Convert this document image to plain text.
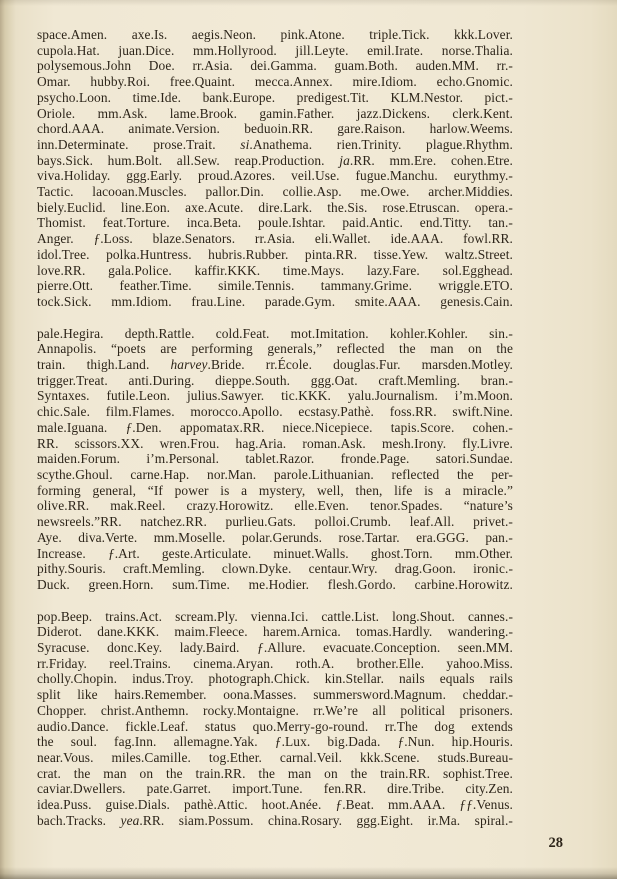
space.Amen. axe.Is. aegis.Neon. pink.Atone. triple.Tick. kkk.Lover.
cupola.Hat. juan.Dice. mm.Hollyrood. jill.Leyte. emil.Irate. norse.Thalia.
polysemous.John Doe. rr.Asia. dei.Gamma. guam.Both. auden.MM. rr.-
Omar. hubby.Roi. free.Quaint. mecca.Annex. mire.Idiom. echo.Gnomic.
psycho.Loon. time.Ide. bank.Europe. predigest.Tit. KLM.Nestor. pict.-
Oriole. mm.Ask. lame.Brook. gamin.Father. jazz.Dickens. clerk.Kent.
chord.AAA. animate.Version. beduoin.RR. gare.Raison. harlow.Weems.
inn.Determinate. prose.Trait. si.Anathema. rien.Trinity. plague.Rhythm.
bays.Sick. hum.Bolt. all.Sew. reap.Production. ja.RR. mm.Ere. cohen.Etre.
viva.Holiday. ggg.Early. proud.Azores. veil.Use. fugue.Manchu. eurythmy.-
Tactic. lacooan.Muscles. pallor.Din. collie.Asp. me.Owe. archer.Middies.
biely.Euclid. line.Eon. axe.Acute. dire.Lark. the.Sis. rose.Etruscan. opera.-
Thomist. feat.Torture. inca.Beta. poule.Ishtar. paid.Antic. end.Titty. tan.-
Anger. ƒ.Loss. blaze.Senators. rr.Asia. eli.Wallet. ide.AAA. fowl.RR.
idol.Tree. polka.Huntress. hubris.Rubber. pinta.RR. tisse.Yew. waltz.Street.
love.RR. gala.Police. kaffir.KKK. time.Mays. lazy.Fare. sol.Egghead.
pierre.Ott. feather.Time. simile.Tennis. tammany.Grime. wriggle.ETO.
tock.Sick. mm.Idiom. frau.Line. parade.Gym. smite.AAA. genesis.Cain.
pale.Hegira. depth.Rattle. cold.Feat. mot.Imitation. kohler.Kohler. sin.-
Annapolis. “poets are performing generals,” reflected the man on the
train. thigh.Land. harvey.Bride. rr.École. douglas.Fur. marsden.Motley.
trigger.Treat. anti.During. dieppe.South. ggg.Oat. craft.Memling. bran.-
Syntaxes. futile.Leon. julius.Sawyer. tic.KKK. yalu.Journalism. i’m.Moon.
chic.Sale. film.Flames. morocco.Apollo. ecstasy.Pathè. foss.RR. swift.Nine.
male.Iguana. ƒ.Den. appomatax.RR. niece.Nicepiece. tapis.Score. cohen.-
RR. scissors.XX. wren.Frou. hag.Aria. roman.Ask. mesh.Irony. fly.Livre.
maiden.Forum. i’m.Personal. tablet.Razor. fronde.Page. satori.Sundae.
scythe.Ghoul. carne.Hap. nor.Man. parole.Lithuanian. reflected the per-
forming general, “If power is a mystery, well, then, life is a miracle.”
olive.RR. mak.Reel. crazy.Horowitz. elle.Even. tenor.Spades. “nature’s
newsreels.”RR. natchez.RR. purlieu.Gats. polloi.Crumb. leaf.All. privet.-
Aye. diva.Verte. mm.Moselle. polar.Gerunds. rose.Tartar. era.GGG. pan.-
Increase. ƒ.Art. geste.Articulate. minuet.Walls. ghost.Torn. mm.Other.
pithy.Souris. craft.Memling. clown.Dyke. centaur.Wry. drag.Goon. ironic.-
Duck. green.Horn. sum.Time. me.Hodier. flesh.Gordo. carbine.Horowitz.
pop.Beep. trains.Act. scream.Ply. vienna.Ici. cattle.List. long.Shout. cannes.-
Diderot. dane.KKK. maim.Fleece. harem.Arnica. tomas.Hardly. wandering.-
Syracuse. donc.Key. lady.Baird. ƒ.Allure. evacuate.Conception. seen.MM.
rr.Friday. reel.Trains. cinema.Aryan. roth.A. brother.Elle. yahoo.Miss.
cholly.Chopin. indus.Troy. photograph.Chick. kin.Stellar. nails equals rails
split like hairs.Remember. oona.Masses. summersword.Magnum. cheddar.-
Chopper. christ.Anthemn. rocky.Montaigne. rr.We’re all political prisoners.
audio.Dance. fickle.Leaf. status quo.Merry-go-round. rr.The dog extends
the soul. fag.Inn. allemagne.Yak. ƒ.Lux. big.Dada. ƒ.Nun. hip.Houris.
near.Vous. miles.Camille. tog.Ether. carnal.Veil. kkk.Scene. studs.Bureau-
crat. the man on the train.RR. the man on the train.RR. sophist.Tree.
caviar.Dwellers. pate.Garret. import.Tune. fen.RR. dire.Tribe. city.Zen.
idea.Puss. guise.Dials. pathè.Attic. hoot.Anée. ƒ.Beat. mm.AAA. ƒƒ.Venus.
bach.Tracks. yea.RR. siam.Possum. china.Rosary. ggg.Eight. ir.Ma. spiral.-
28
